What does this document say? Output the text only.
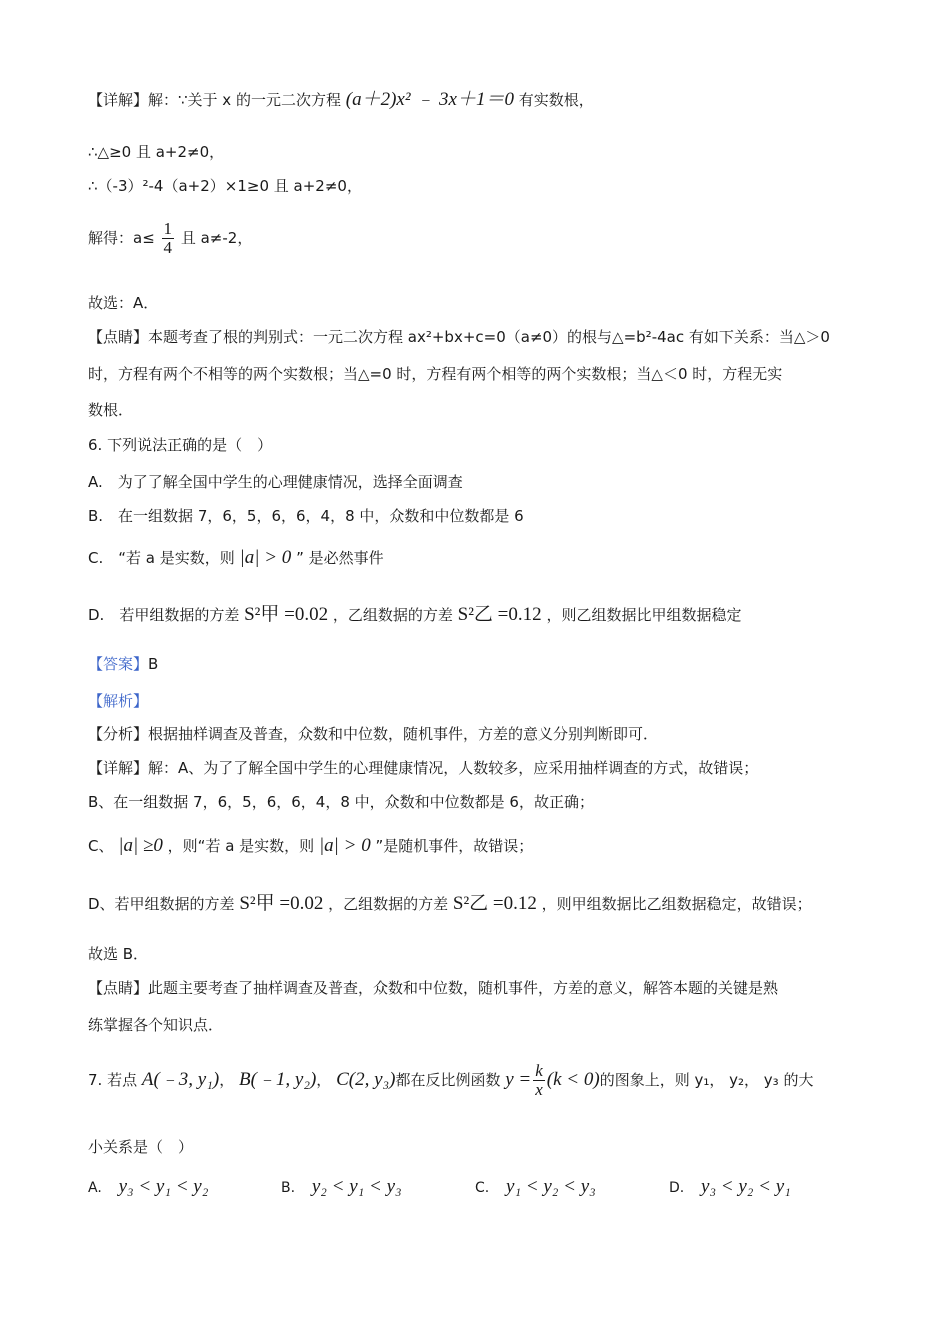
【详解】解：∵关于 x 的一元二次方程 (a＋2)x² ﹣ 3x＋1＝0 有实数根，
∴△≥0 且 a+2≠0，
∴（-3）²-4（a+2）×1≥0 且 a+2≠0，
解得：$a\le \frac{1}{4}$ 且 a≠-2，
故选：A．
【点睛】本题考查了根的判别式：一元二次方程 ax²+bx+c=0（a≠0）的根与△=b²-4ac 有如下关系：当△＞0
时，方程有两个不相等的两个实数根；当△=0 时，方程有两个相等的两个实数根；当△＜0 时，方程无实
数根．
6. 下列说法正确的是（　）
A.　为了了解全国中学生的心理健康情况，选择全面调查
B.　在一组数据 7，6，5，6，6，4，8 中，众数和中位数都是 6
C.　“若 a 是实数，则 |a| > 0 ” 是必然事件
D.　若甲组数据的方差 S²甲 =0.02 ，乙组数据的方差 S²乙 =0.12 ，则乙组数据比甲组数据稳定
【答案】B
【解析】
【分析】根据抽样调查及普查，众数和中位数，随机事件，方差的意义分别判断即可．
【详解】解：A、为了了解全国中学生的心理健康情况，人数较多，应采用抽样调查的方式，故错误；
B、在一组数据 7，6，5，6，6，4，8 中，众数和中位数都是 6，故正确；
C、 |a| ≥0 ，则“若 a 是实数，则 |a| > 0 ”是随机事件，故错误；
D、若甲组数据的方差 S²甲 =0.02 ，乙组数据的方差 S²乙 =0.12 ，则甲组数据比乙组数据稳定，故错误；
故选 B．
【点睛】此题主要考查了抽样调查及普查，众数和中位数，随机事件，方差的意义，解答本题的关键是熟
练掌握各个知识点．
7. 若点 A(﹣3, y₁)， B(﹣1, y₂)， C(2, y₃)都在反比例函数 $y = \frac{k}{x} (k < 0)$的图象上，则 y₁， y₂， y₃ 的大
小关系是（　）
A. y₃ < y₁ < y₂	B. y₂ < y₁ < y₃	C. y₁ < y₂ < y₃	D. y₃ < y₂ < y₁
